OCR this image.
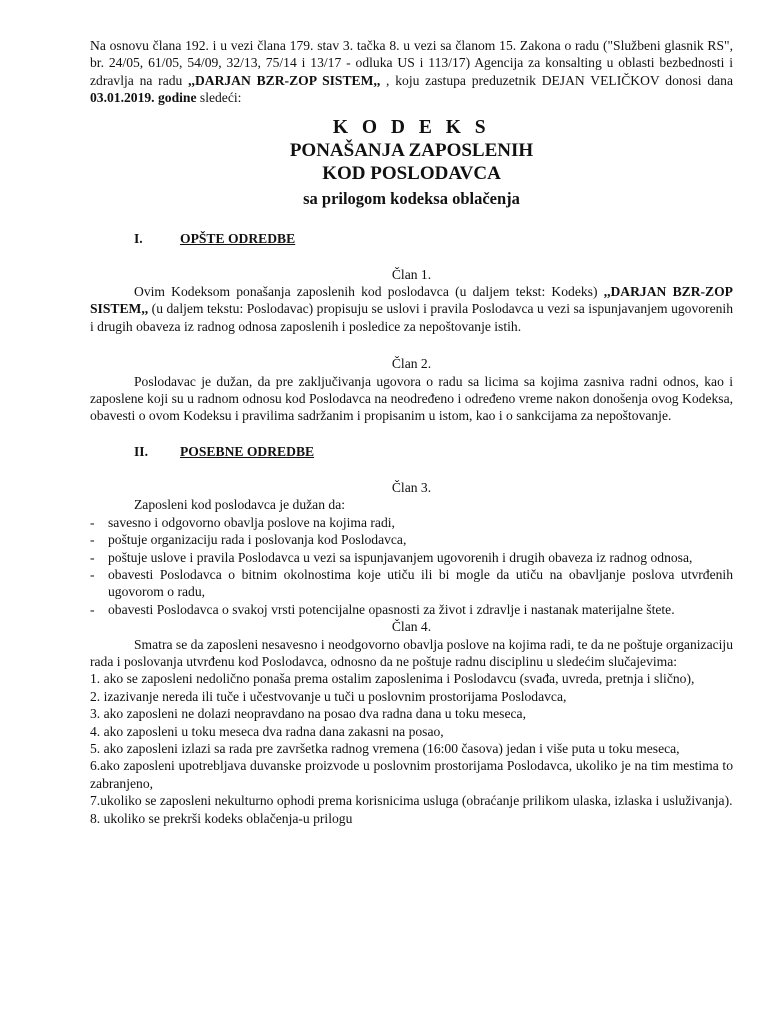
Na osnovu člana 192. i u vezi člana 179. stav 3. tačka 8. u vezi sa članom 15. Zakona o radu ("Službeni glasnik RS", br. 24/05, 61/05, 54/09, 32/13, 75/14 i 13/17 - odluka US i 113/17) Agencija za konsalting u oblasti bezbednosti i zdravlja na radu ,,DARJAN BZR-ZOP SISTEM,, , koju zastupa preduzetnik DEJAN VELIČKOV donosi dana 03.01.2019. godine sledeći:

K O D E K S
PONAŠANJA ZAPOSLENIH
KOD POSLODAVCA
sa prilogom kodeksa oblačenja
I.	OPŠTE ODREDBE
Član 1.

Ovim Kodeksom ponašanja zaposlenih kod poslodavca (u daljem tekst: Kodeks) ,,DARJAN BZR-ZOP SISTEM,, (u daljem tekstu: Poslodavac) propisuju se uslovi i pravila Poslodavca u vezi sa ispunjavanjem ugovorenih i drugih obaveza iz radnog odnosa zaposlenih i posledice za nepoštovanje istih.

Član 2.

Poslodavac je dužan, da pre zaključivanja ugovora o radu sa licima sa kojima zasniva radni odnos, kao i zaposlene koji su u radnom odnosu kod Poslodavca na neodređeno i određeno vreme nakon donošenja ovog Kodeksa, obavesti o ovom Kodeksu i pravilima sadržanim i propisanim u istom, kao i o sankcijama za nepoštovanje.

II. POSEBNE ODREDBE
Član 3.

Zaposleni kod poslodavca je dužan da:

- savesno i odgovorno obavlja poslove na kojima radi,
- poštuje organizaciju rada i poslovanja kod Poslodavca,
- poštuje uslove i pravila Poslodavca u vezi sa ispunjavanjem ugovorenih i drugih obaveza iz radnog odnosa,
- obavesti Poslodavca o bitnim okolnostima koje utiču ili bi mogle da utiču na obavljanje poslova utvrđenih ugovorom o radu,
- obavesti Poslodavca o svakoj vrsti potencijalne opasnosti za život i zdravlje i nastanak materijalne štete.
Član 4.

Smatra se da zaposleni nesavesno i neodgovorno obavlja poslove na kojima radi, te da ne poštuje organizaciju rada i poslovanja utvrđenu kod Poslodavca, odnosno da ne poštuje radnu disciplinu u sledećim slučajevima:

1. ako se zaposleni nedolično ponaša prema ostalim zaposlenima i Poslodavcu (svađa, uvreda, pretnja i slično),
2. izazivanje nereda ili tuče i učestvovanje u tuči u poslovnim prostorijama Poslodavca,
3. ako zaposleni ne dolazi neopravdano na posao dva radna dana u toku meseca,
4. ako zaposleni u toku meseca dva radna dana zakasni na posao,
5. ako zaposleni izlazi sa rada pre završetka radnog vremena (16:00 časova) jedan i više puta u toku meseca,
6.ako zaposleni upotrebljava duvanske proizvode u poslovnim prostorijama Poslodavca, ukoliko je na tim mestima to zabranjeno,
7.ukoliko se zaposleni nekulturno ophodi prema korisnicima usluga (obraćanje prilikom ulaska, izlaska i usluživanja).
8. ukoliko se prekrši kodeks oblačenja-u prilogu
